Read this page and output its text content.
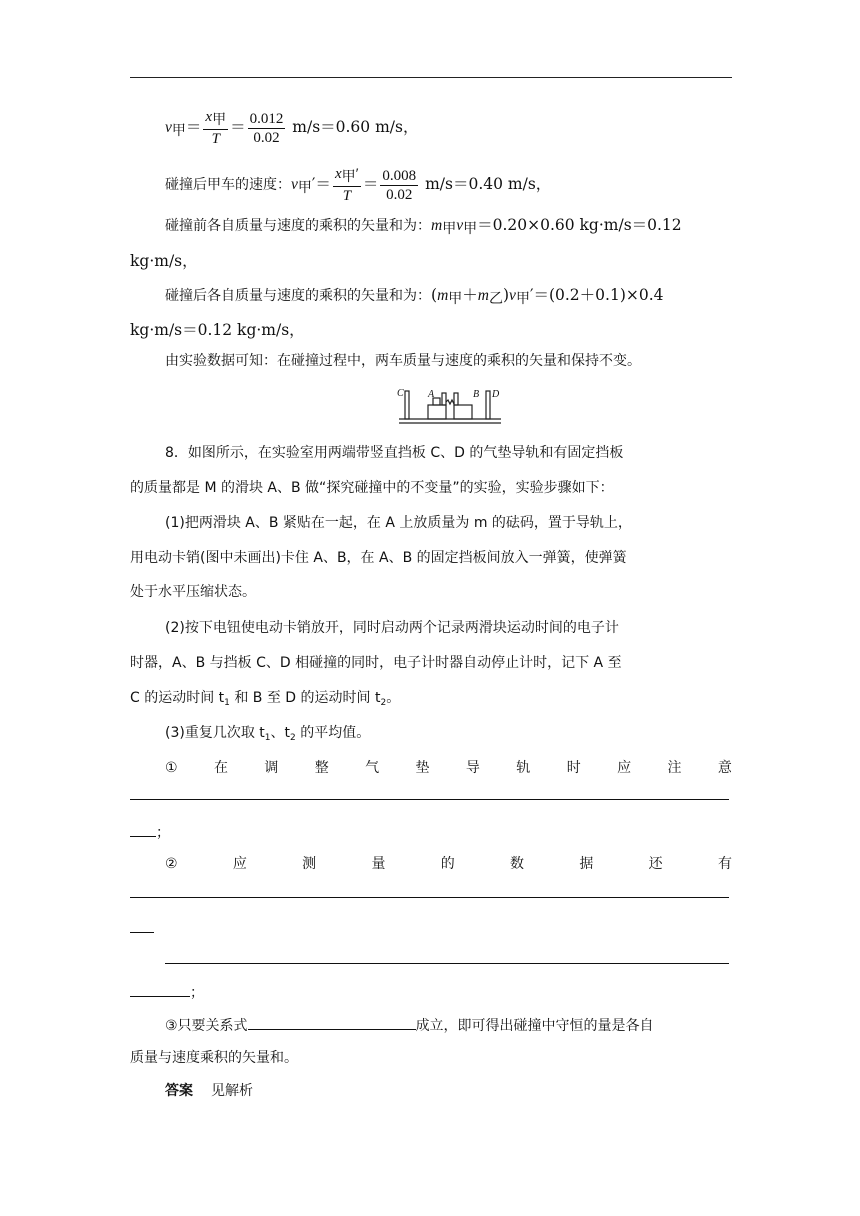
v甲＝ $\frac{\text{x甲}}{T} = \frac{0.012}{0.02} m/s=0.60$ m/s，
碰撞后甲车的速度：v甲′＝ $\frac{\text{x甲′}}{T} = \frac{0.008}{0.02} m/s=0.40$ m/s，
碰撞前各自质量与速度的乘积的矢量和为：m甲v甲＝0.20×0.60 kg·m/s＝0.12
kg·m/s，
碰撞后各自质量与速度的乘积的矢量和为：(m甲＋m乙)v甲′＝(0.2＋0.1)×0.4
kg·m/s＝0.12 kg·m/s，
由实验数据可知：在碰撞过程中，两车质量与速度的乘积的矢量和保持不变。
C A	B D
8．如图所示，在实验室用两端带竖直挡板 C、D 的气垫导轨和有固定挡板
的质量都是 M 的滑块 A、B 做“探究碰撞中的不变量”的实验，实验步骤如下：
(1)把两滑块 A、B 紧贴在一起，在 A 上放质量为 m 的砝码，置于导轨上，
用电动卡销(图中未画出)卡住 A、B，在 A、B 的固定挡板间放入一弹簧，使弹簧
处于水平压缩状态。
(2)按下电钮使电动卡销放开，同时启动两个记录两滑块运动时间的电子计
时器，A、B 与挡板 C、D 相碰撞的同时，电子计时器自动停止计时，记下 A 至
C 的运动时间 $t_1$ 和 B 至 D 的运动时间 $t_2$。
(3)重复几次取 $t_1$、$t_2$ 的平均值。
①	在	调	整	气	垫	导	轨	时	应	注	意
；
②	应	测	量	的	数	据	还	有
；
③只要关系式	成立，即可得出碰撞中守恒的量是各自
质量与速度乘积的矢量和。
答案 见解析
